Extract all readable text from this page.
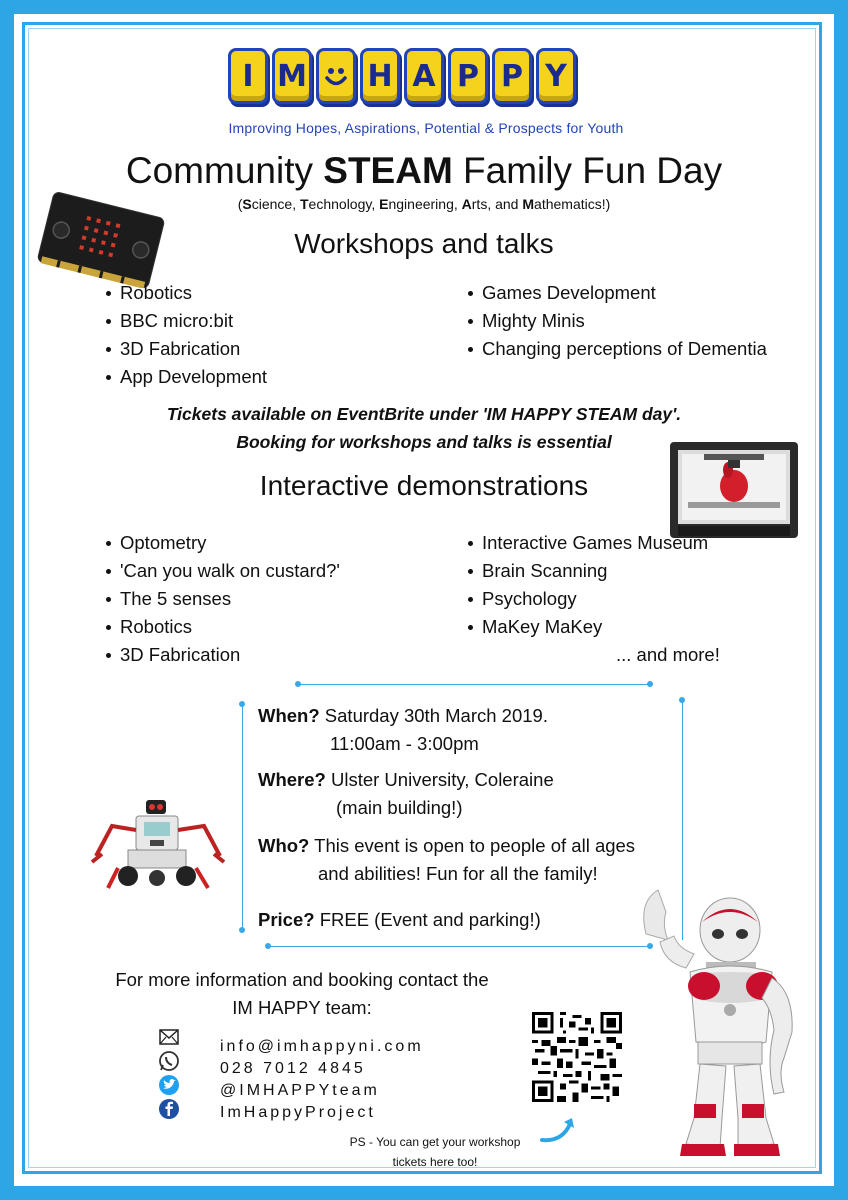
I M H A P P Y
Improving Hopes, Aspirations, Potential & Prospects for Youth
Community STEAM Family Fun Day
(Science, Technology, Engineering, Arts, and Mathematics!)
Workshops and talks
Robotics
BBC micro:bit
3D Fabrication
App Development
Games Development
Mighty Minis
Changing perceptions of Dementia
Tickets available on EventBrite under 'IM HAPPY STEAM day'.
Booking for workshops and talks is essential
Interactive demonstrations
Optometry
'Can you walk on custard?'
The 5 senses
Robotics
3D Fabrication
Interactive Games Museum
Brain Scanning
Psychology
MaKey MaKey
... and more!
When? Saturday 30th March 2019.
11:00am - 3:00pm
Where? Ulster University, Coleraine
(main building!)
Who? This event is open to people of all ages
and abilities! Fun for all the family!
Price? FREE (Event and parking!)
For more information and booking contact the
IM HAPPY team:
info@imhappyni.com
028 7012 4845
@IMHAPPYteam
ImHappyProject
PS - You can get your workshop
tickets here too!
